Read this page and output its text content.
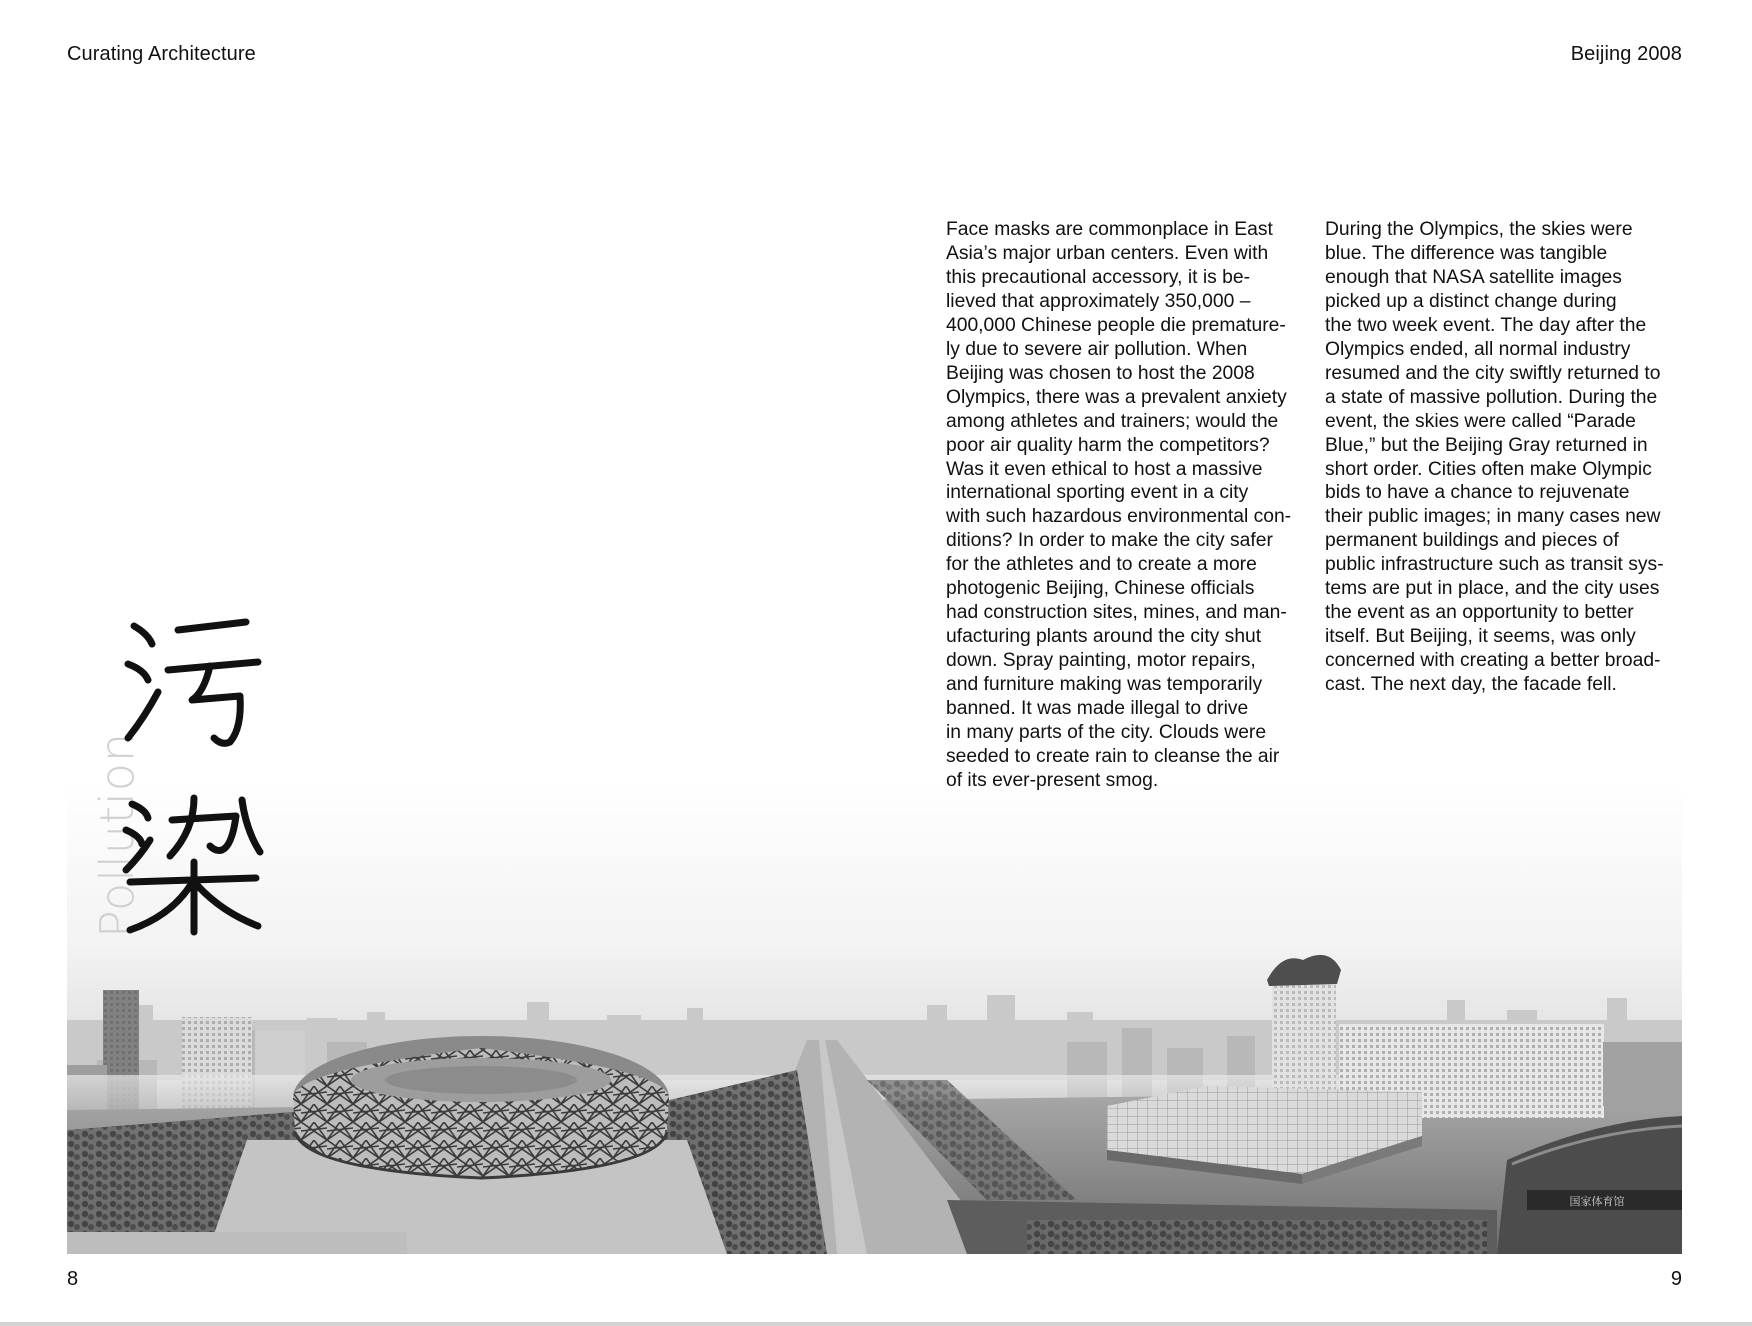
Curating Architecture	Beijing 2008
国家体育馆
Pollution
Face masks are commonplace in East
Asia’s major urban centers. Even with
this precautional accessory, it is be-
lieved that approximately 350,000 –
400,000 Chinese people die premature-
ly due to severe air pollution. When
Beijing was chosen to host the 2008
Olympics, there was a prevalent anxiety
among athletes and trainers; would the
poor air quality harm the competitors?
Was it even ethical to host a massive
international sporting event in a city
with such hazardous environmental con-
ditions? In order to make the city safer
for the athletes and to create a more
photogenic Beijing, Chinese officials
had construction sites, mines, and man-
ufacturing plants around the city shut
down. Spray painting, motor repairs,
and furniture making was temporarily
banned. It was made illegal to drive
in many parts of the city. Clouds were
seeded to create rain to cleanse the air
of its ever-present smog.
During the Olympics, the skies were
blue. The difference was tangible
enough that NASA satellite images
picked up a distinct change during
the two week event. The day after the
Olympics ended, all normal industry
resumed and the city swiftly returned to
a state of massive pollution. During the
event, the skies were called “Parade
Blue,” but the Beijing Gray returned in
short order. Cities often make Olympic
bids to have a chance to rejuvenate
their public images; in many cases new
permanent buildings and pieces of
public infrastructure such as transit sys-
tems are put in place, and the city uses
the event as an opportunity to better
itself. But Beijing, it seems, was only
concerned with creating a better broad-
cast. The next day, the facade fell.
8	9
